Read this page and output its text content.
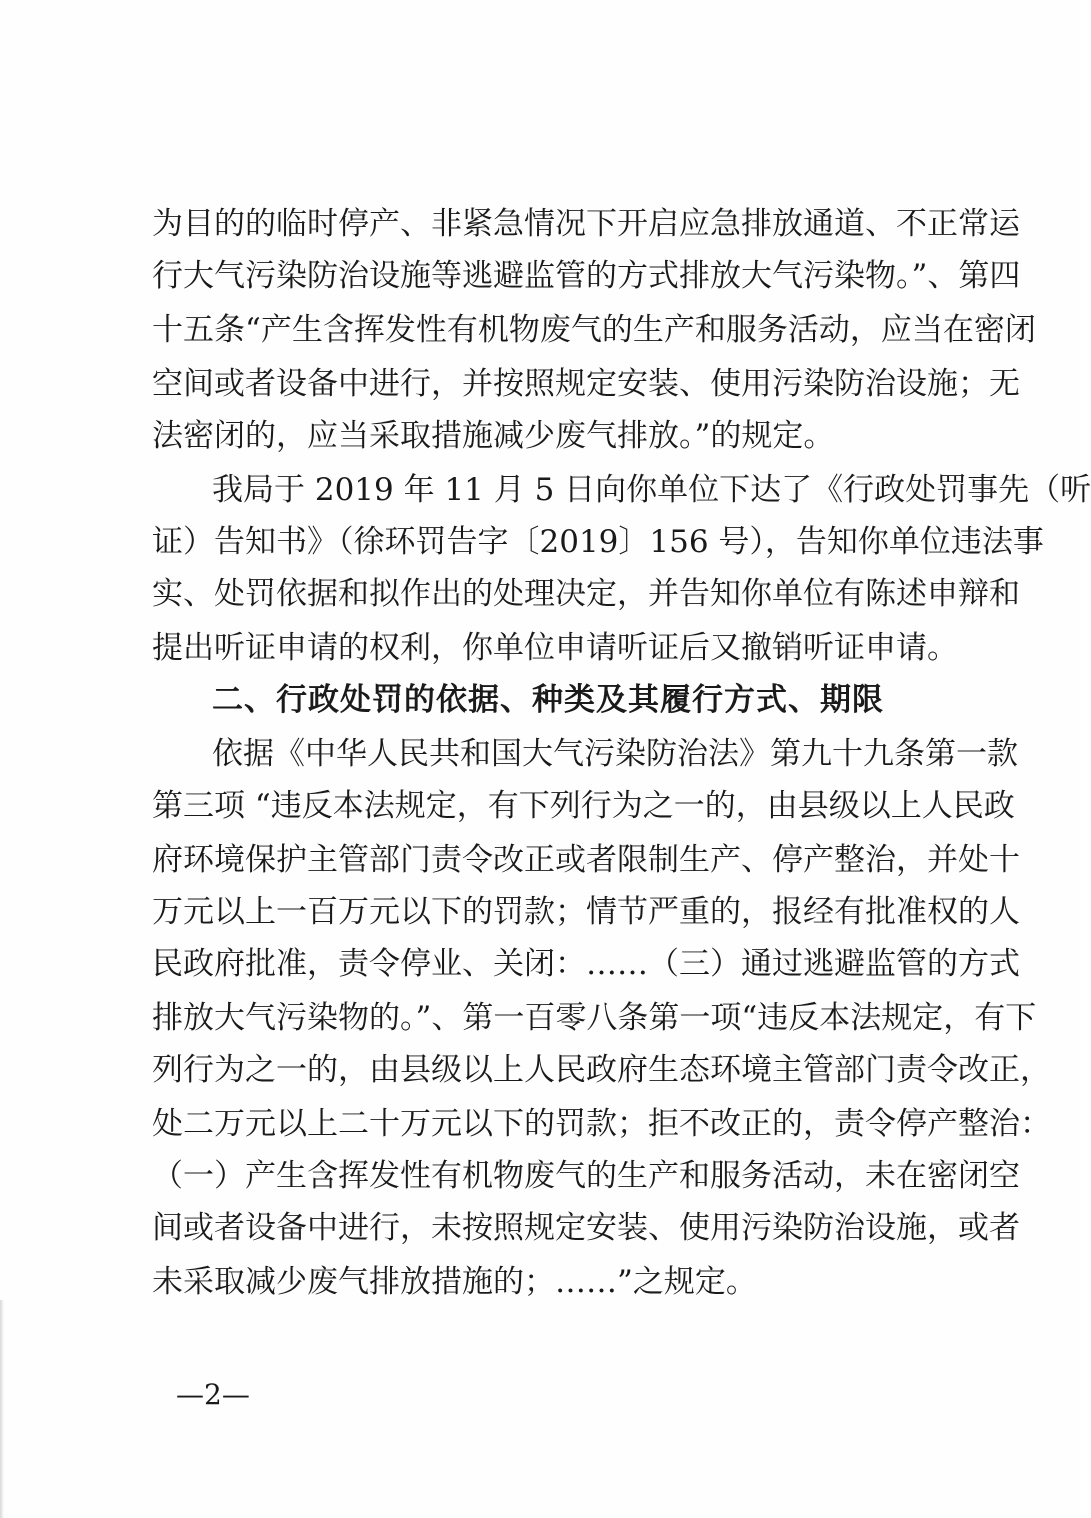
为目的的临时停产、非紧急情况下开启应急排放通道、不正常运
行大气污染防治设施等逃避监管的方式排放大气污染物。”、第四
十五条“产生含挥发性有机物废气的生产和服务活动，应当在密闭
空间或者设备中进行，并按照规定安装、使用污染防治设施；无
法密闭的，应当采取措施减少废气排放。”的规定。
我局于 2019 年 11 月 5 日向你单位下达了《行政处罚事先（听
证）告知书》（徐环罚告字〔2019〕156 号），告知你单位违法事
实、处罚依据和拟作出的处理决定，并告知你单位有陈述申辩和
提出听证申请的权利，你单位申请听证后又撤销听证申请。
二、行政处罚的依据、种类及其履行方式、期限
依据《中华人民共和国大气污染防治法》第九十九条第一款
第三项 “违反本法规定，有下列行为之一的，由县级以上人民政
府环境保护主管部门责令改正或者限制生产、停产整治，并处十
万元以上一百万元以下的罚款；情节严重的，报经有批准权的人
民政府批准，责令停业、关闭：……（三）通过逃避监管的方式
排放大气污染物的。”、第一百零八条第一项“违反本法规定，有下
列行为之一的，由县级以上人民政府生态环境主管部门责令改正，
处二万元以上二十万元以下的罚款；拒不改正的，责令停产整治：
（一）产生含挥发性有机物废气的生产和服务活动，未在密闭空
间或者设备中进行，未按照规定安装、使用污染防治设施，或者
未采取减少废气排放措施的；……”之规定。
—2—
